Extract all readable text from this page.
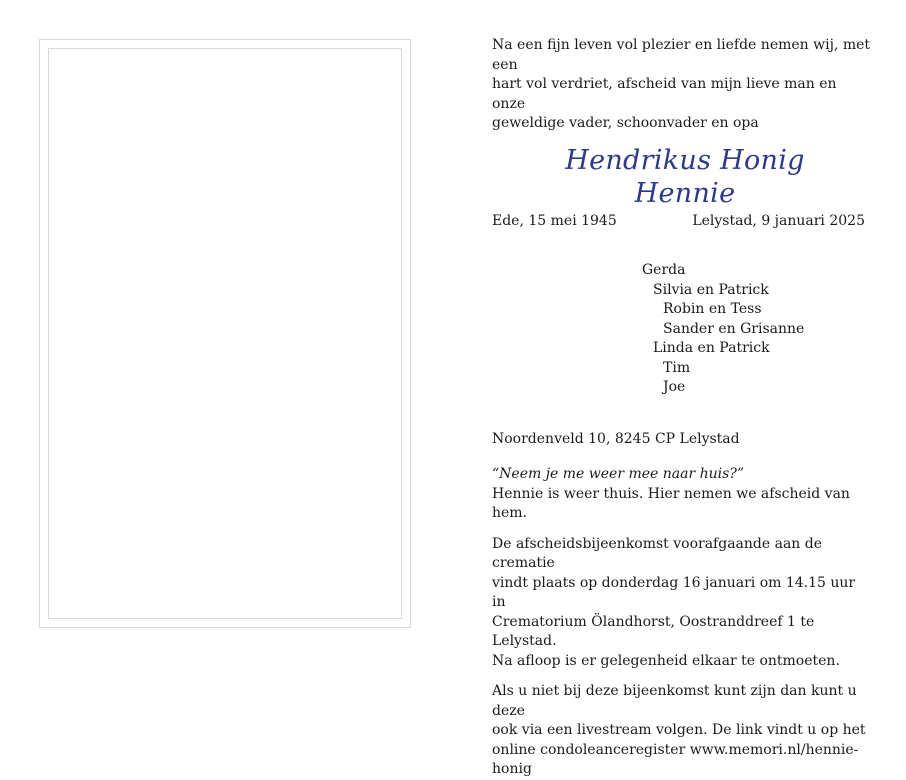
Na een fijn leven vol plezier en liefde nemen wij, met een
hart vol verdriet, afscheid van mijn lieve man en onze
geweldige vader, schoonvader en opa

Hendrikus Honig
Hennie
Ede, 15 mei 1945	Lelystad, 9 januari 2025
Gerda
Silvia en Patrick
Robin en Tess
Sander en Grisanne
Linda en Patrick
Tim
Joe
Noordenveld 10, 8245 CP Lelystad
“Neem je me weer mee naar huis?”
Hennie is weer thuis. Hier nemen we afscheid van hem.
De afscheidsbijeenkomst voorafgaande aan de crematie
vindt plaats op donderdag 16 januari om 14.15 uur in
Crematorium Ölandhorst, Oostranddreef 1 te Lelystad.
Na afloop is er gelegenheid elkaar te ontmoeten.
Als u niet bij deze bijeenkomst kunt zijn dan kunt u deze
ook via een livestream volgen. De link vindt u op het
online condoleanceregister www.memori.nl/hennie-honig
